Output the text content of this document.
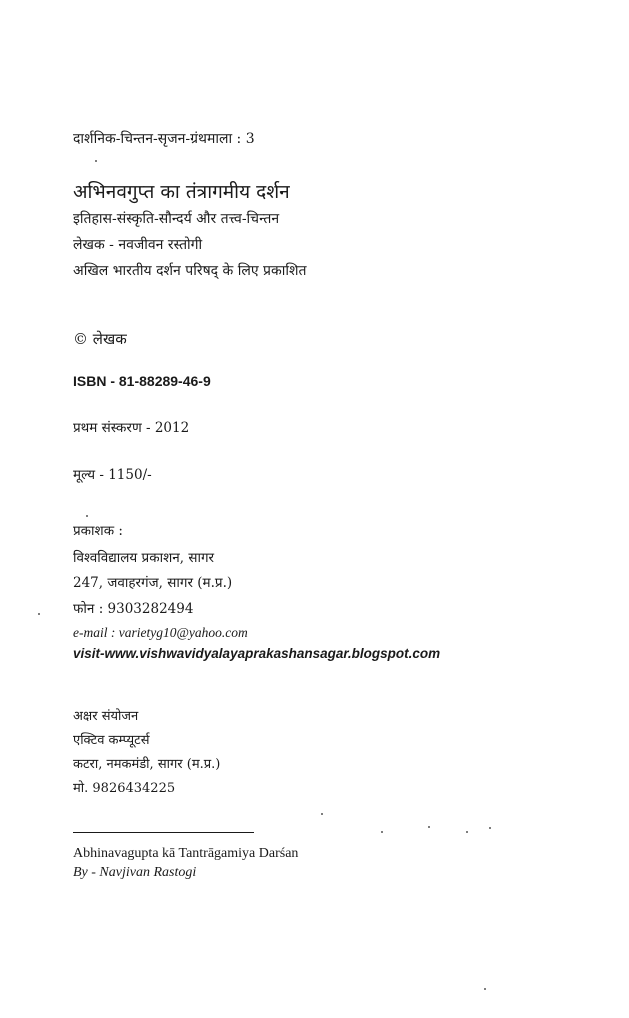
दार्शनिक-चिन्तन-सृजन-ग्रंथमाला : 3
अभिनवगुप्त का तंत्रागमीय दर्शन
इतिहास-संस्कृति-सौन्दर्य और तत्त्व-चिन्तन
लेखक - नवजीवन रस्तोगी
अखिल भारतीय दर्शन परिषद् के लिए प्रकाशित
© लेखक
ISBN - 81-88289-46-9
प्रथम संस्करण - 2012
मूल्य - 1150/-
प्रकाशक :
विश्वविद्यालय प्रकाशन, सागर
247, जवाहरगंज, सागर (म.प्र.)
फोन : 9303282494
e-mail : varietyg10@yahoo.com
visit-www.vishwavidyalayaprakashansagar.blogspot.com
अक्षर संयोजन
एक्टिव कम्प्यूटर्स
कटरा, नमकमंडी, सागर (म.प्र.)
मो. 9826434225
Abhinavagupta kā Tantrāgamiya Darśan
By - Navjivan Rastogi
